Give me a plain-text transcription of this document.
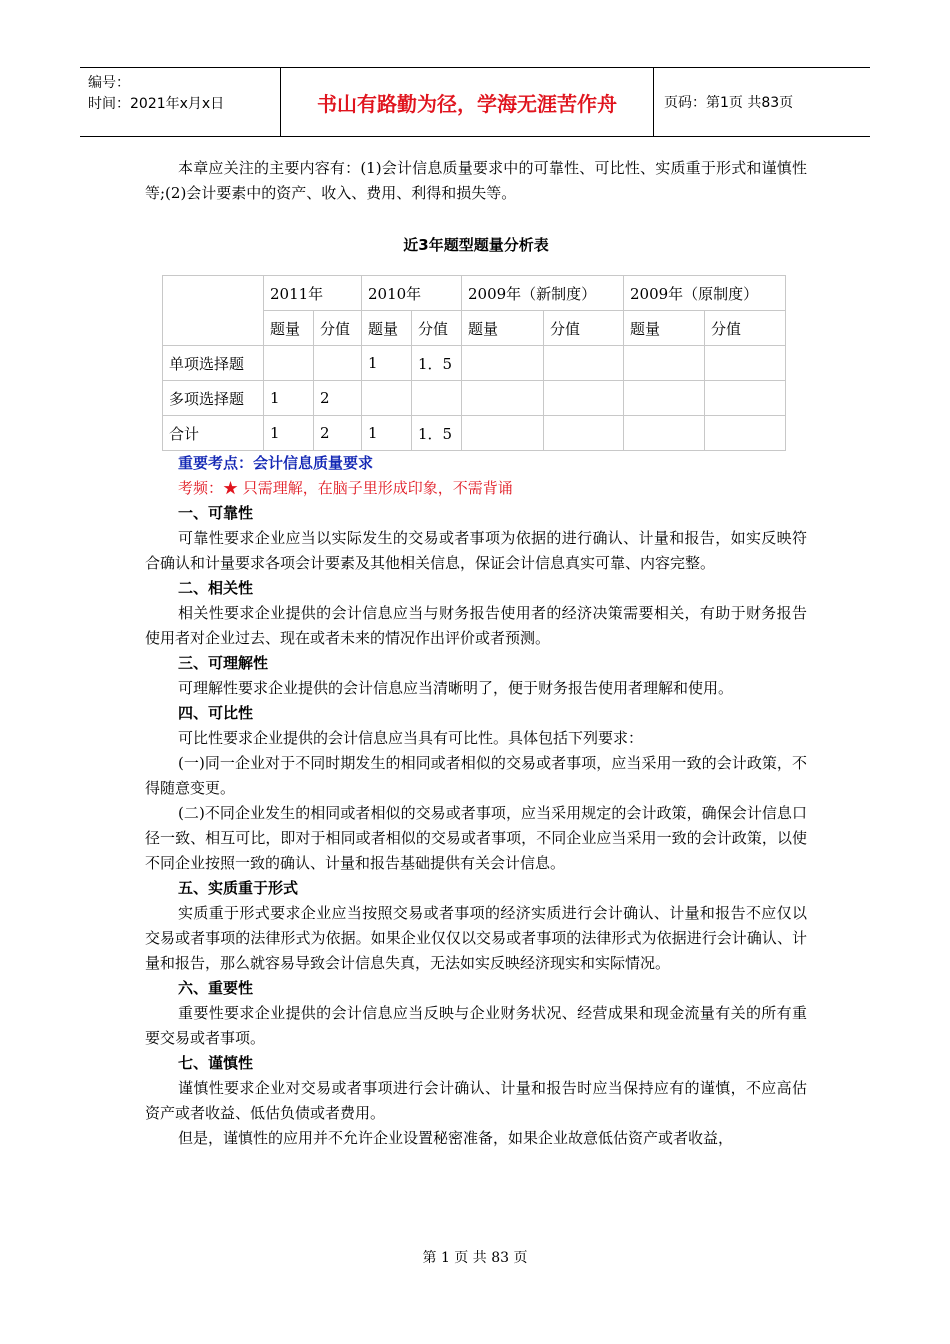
编号：
时间：2021年x月x日	书山有路勤为径，学海无涯苦作舟	页码：第1页 共83页

本章应关注的主要内容有：(1)会计信息质量要求中的可靠性、可比性、实质重于形式和谨慎性等;(2)会计要素中的资产、收入、费用、利得和损失等。

近3年题型题量分析表
	2011年		2010年		2009年（新制度）		2009年（原制度）	
	题量	分值	题量	分值	题量	分值	题量	分值
单项选择题			1	1．5				
多项选择题	1	2						
合计	1	2	1	1．5				
重要考点：会计信息质量要求
考频：★ 只需理解，在脑子里形成印象，不需背诵
一、可靠性

可靠性要求企业应当以实际发生的交易或者事项为依据的进行确认、计量和报告，如实反映符合确认和计量要求各项会计要素及其他相关信息，保证会计信息真实可靠、内容完整。

二、相关性

相关性要求企业提供的会计信息应当与财务报告使用者的经济决策需要相关，有助于财务报告使用者对企业过去、现在或者未来的情况作出评价或者预测。

三、可理解性

可理解性要求企业提供的会计信息应当清晰明了，便于财务报告使用者理解和使用。

四、可比性

可比性要求企业提供的会计信息应当具有可比性。具体包括下列要求：

(一)同一企业对于不同时期发生的相同或者相似的交易或者事项，应当采用一致的会计政策，不得随意变更。

(二)不同企业发生的相同或者相似的交易或者事项，应当采用规定的会计政策，确保会计信息口径一致、相互可比，即对于相同或者相似的交易或者事项，不同企业应当采用一致的会计政策，以使不同企业按照一致的确认、计量和报告基础提供有关会计信息。

五、实质重于形式

实质重于形式要求企业应当按照交易或者事项的经济实质进行会计确认、计量和报告不应仅以交易或者事项的法律形式为依据。如果企业仅仅以交易或者事项的法律形式为依据进行会计确认、计量和报告，那么就容易导致会计信息失真，无法如实反映经济现实和实际情况。

六、重要性

重要性要求企业提供的会计信息应当反映与企业财务状况、经营成果和现金流量有关的所有重要交易或者事项。

七、谨慎性

谨慎性要求企业对交易或者事项进行会计确认、计量和报告时应当保持应有的谨慎，不应高估资产或者收益、低估负债或者费用。

但是，谨慎性的应用并不允许企业设置秘密准备，如果企业故意低估资产或者收益，

第 1 页 共 83 页
